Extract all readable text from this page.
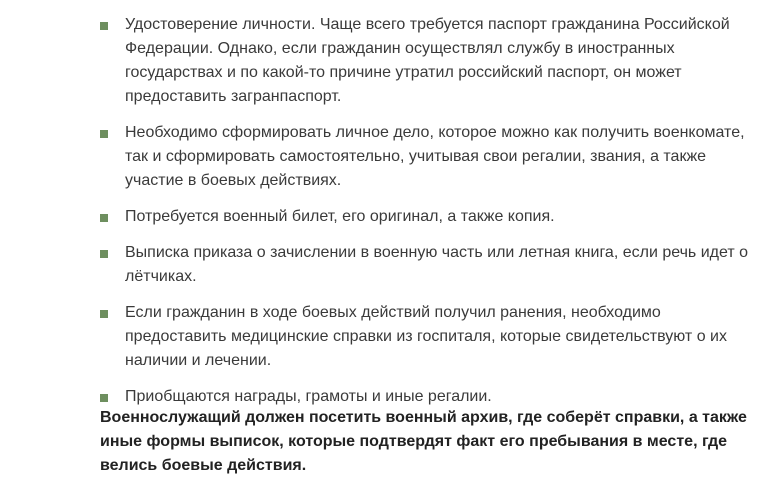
Удостоверение личности. Чаще всего требуется паспорт гражданина Российской Федерации. Однако, если гражданин осуществлял службу в иностранных государствах и по какой-то причине утратил российский паспорт, он может предоставить загранпаспорт.
Необходимо сформировать личное дело, которое можно как получить военкомате, так и сформировать самостоятельно, учитывая свои регалии, звания, а также участие в боевых действиях.
Потребуется военный билет, его оригинал, а также копия.
Выписка приказа о зачислении в военную часть или летная книга, если речь идет о лётчиках.
Если гражданин в ходе боевых действий получил ранения, необходимо предоставить медицинские справки из госпиталя, которые свидетельствуют о их наличии и лечении.
Приобщаются награды, грамоты и иные регалии.

Военнослужащий должен посетить военный архив, где соберёт справки, а также иные формы выписок, которые подтвердят факт его пребывания в месте, где велись боевые действия.
